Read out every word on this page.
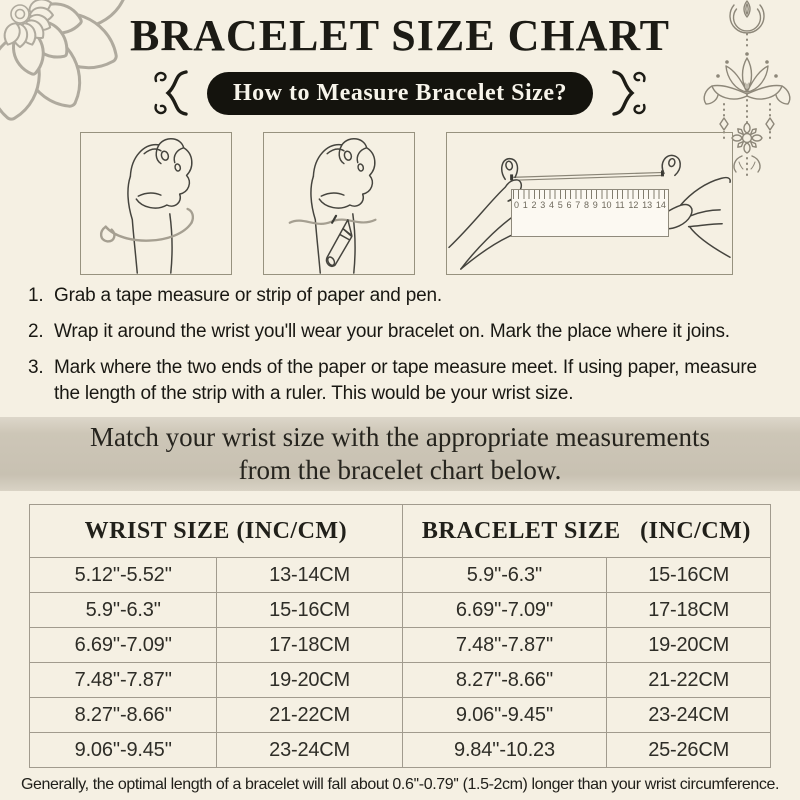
BRACELET SIZE CHART
How to Measure Bracelet Size?
0 1 2 3 4 5 6 7 8 9 10 11 12 13 14
1. Grab a tape measure or strip of paper and pen.
2. Wrap it around the wrist you'll wear your bracelet on. Mark the place where it joins.
3. Mark where the two ends of the paper or tape measure meet. If using paper, measure the length of the strip with a ruler. This would be your wrist size.
Match your wrist size with the appropriate measurements
from the bracelet chart below.
WRIST SIZE (INC/CM)		BRACELET SIZE   (INC/CM)	
5.12''-5.52''	13-14CM	5.9''-6.3''	15-16CM
5.9''-6.3''	15-16CM	6.69''-7.09''	17-18CM
6.69''-7.09''	17-18CM	7.48''-7.87''	19-20CM
7.48''-7.87''	19-20CM	8.27''-8.66''	21-22CM
8.27''-8.66''	21-22CM	9.06''-9.45''	23-24CM
9.06''-9.45''	23-24CM	9.84''-10.23	25-26CM

Generally, the optimal length of a bracelet will fall about 0.6''-0.79'' (1.5-2cm) longer than your wrist circumference.
